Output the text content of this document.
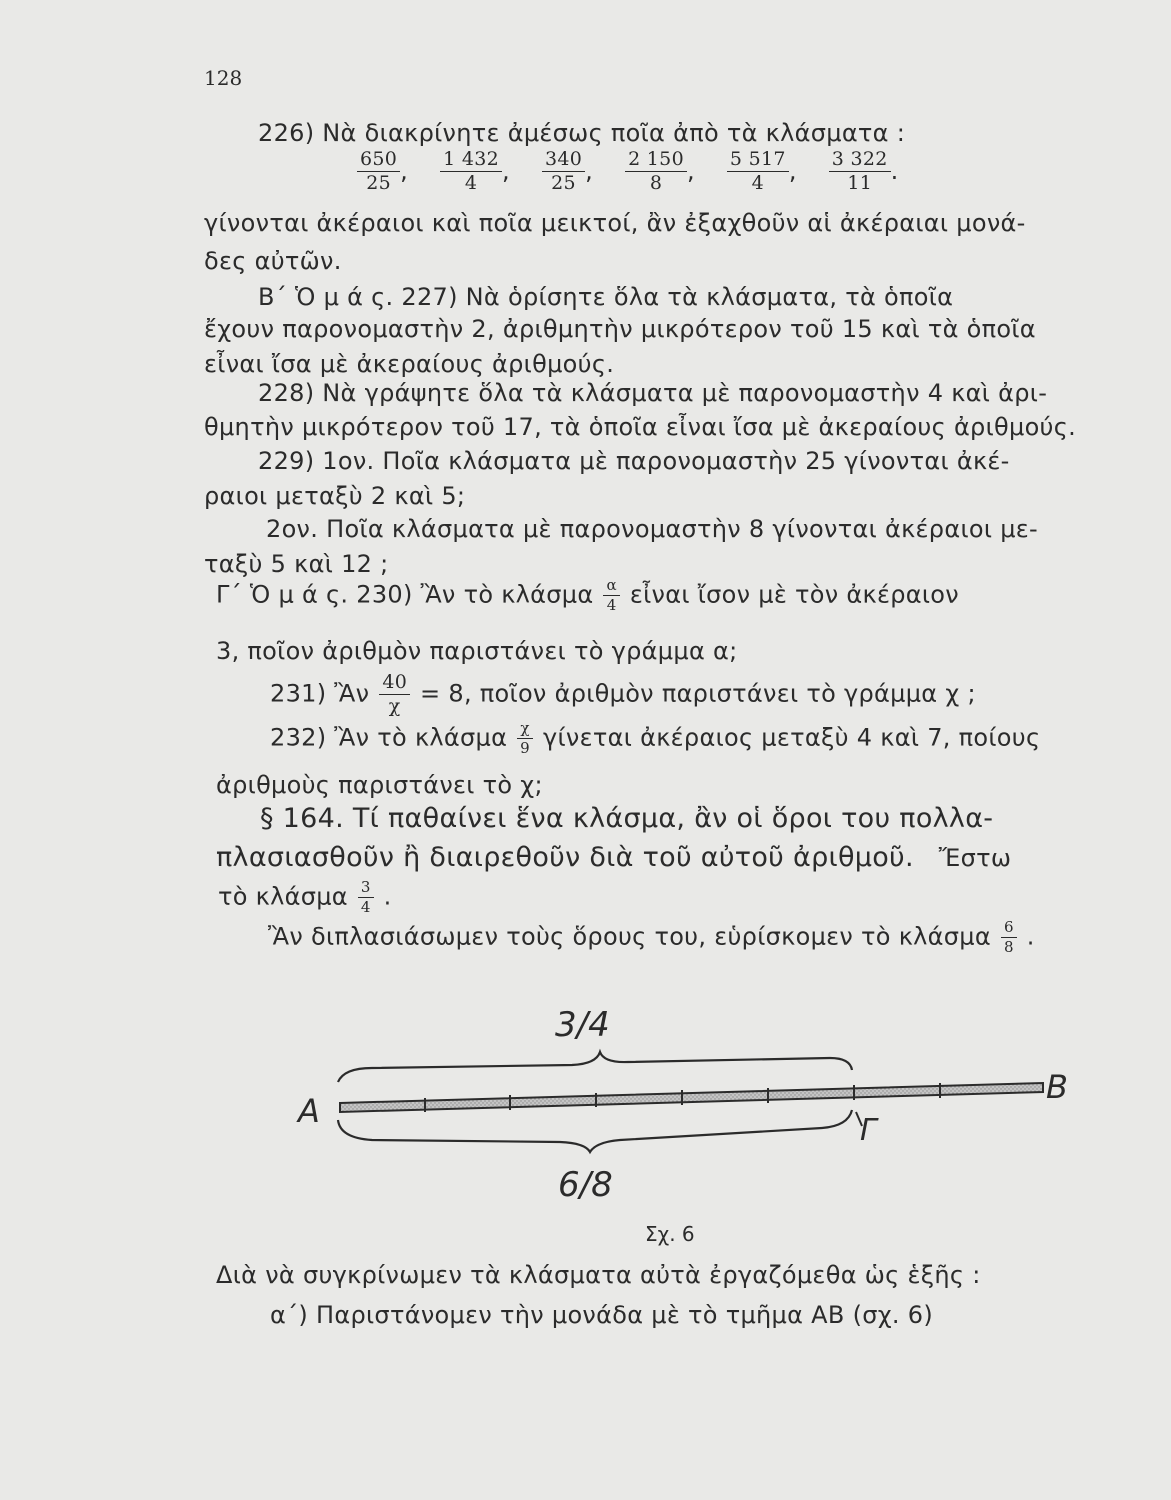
128
226) Νὰ διακρίνητε ἀμέσως ποῖα ἀπὸ τὰ κλάσματα :
$\frac{650}{25}$ , $\frac{1 432}{4}$ , $\frac{340}{25}$ , $\frac{2 150}{8}$ , $\frac{5 517}{4}$ , $\frac{3 322}{11}$ .
γίνονται ἀκέραιοι καὶ ποῖα μεικτοί, ἂν ἐξαχθοῦν αἱ ἀκέραιαι μονά-
δες αὐτῶν.
Β΄ Ὁ μ ά ς. 227) Νὰ ὁρίσητε ὅλα τὰ κλάσματα, τὰ ὁποῖα
ἔχουν παρονομαστὴν 2, ἀριθμητὴν μικρότερον τοῦ 15 καὶ τὰ ὁποῖα
εἶναι ἴσα μὲ ἀκεραίους ἀριθμούς.
228) Νὰ γράψητε ὅλα τὰ κλάσματα μὲ παρονομαστὴν 4 καὶ ἀρι-
θμητὴν μικρότερον τοῦ 17, τὰ ὁποῖα εἶναι ἴσα μὲ ἀκεραίους ἀριθμούς.
229) 1ον. Ποῖα κλάσματα μὲ παρονομαστὴν 25 γίνονται ἀκέ-
ραιοι μεταξὺ 2 καὶ 5;
2ον. Ποῖα κλάσματα μὲ παρονομαστὴν 8 γίνονται ἀκέραιοι με-
ταξὺ 5 καὶ 12 ;
Γ΄ Ὁ μ ά ς. 230) Ἂν τὸ κλάσμα $\frac{\alpha}{4}$ εἶναι ἴσον μὲ τὸν ἀκέραιον
3, ποῖον ἀριθμὸν παριστάνει τὸ γράμμα α;
231) Ἂν $\frac{40}{\chi} = 8$, ποῖον ἀριθμὸν παριστάνει τὸ γράμμα χ ;
232) Ἂν τὸ κλάσμα $\frac{\chi}{9}$ γίνεται ἀκέραιος μεταξὺ 4 καὶ 7, ποίους
ἀριθμοὺς παριστάνει τὸ χ;
§ 164. Τί παθαίνει ἕνα κλάσμα, ἂν οἱ ὅροι του πολλα-
πλασιασθοῦν ἢ διαιρεθοῦν διὰ τοῦ αὐτοῦ ἀριθμοῦ. Ἔστω
τὸ κλάσμα $\frac{3}{4}$ .
Ἂν διπλασιάσωμεν τοὺς ὅρους του, εὑρίσκομεν τὸ κλάσμα $\frac{6}{8}$ .
3/4
6/8
A
B
Γ
Σχ. 6
Διὰ νὰ συγκρίνωμεν τὰ κλάσματα αὐτὰ ἐργαζόμεθα ὡς ἑξῆς :
α΄) Παριστάνομεν τὴν μονάδα μὲ τὸ τμῆμα ΑΒ (σχ. 6)
